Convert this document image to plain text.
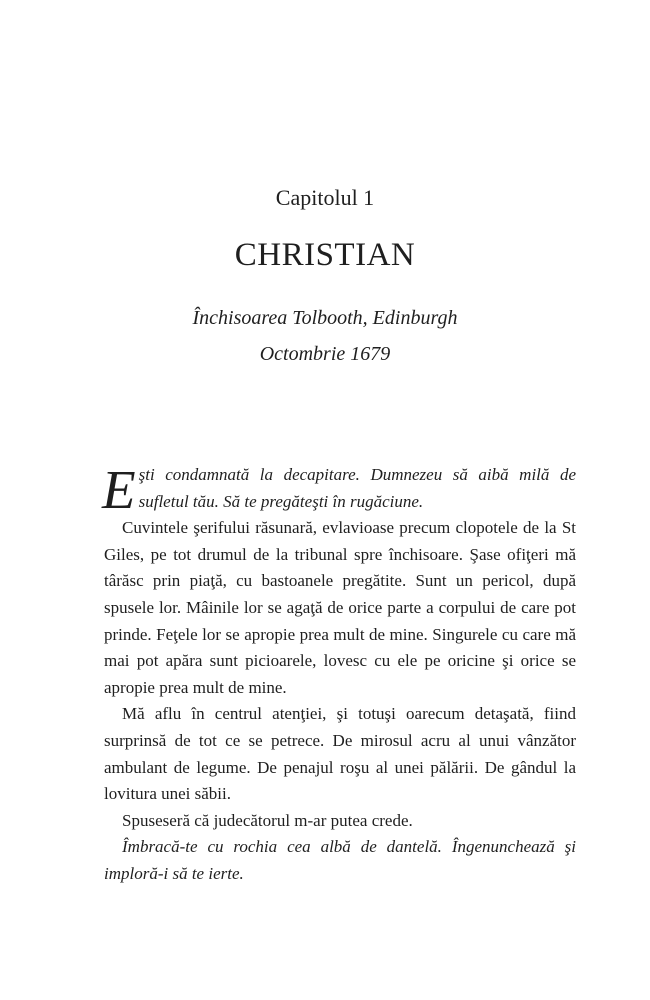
Capitolul 1
CHRISTIAN
Închisoarea Tolbooth, Edinburgh
Octombrie 1679

Eşti condamnată la decapitare. Dumnezeu să aibă milă de sufletul tău. Să te pregăteşti în rugăciune.

Cuvintele şerifului răsunară, evlavioase precum clopotele de la St Giles, pe tot drumul de la tribunal spre închisoare. Şase ofiţeri mă târăsc prin piaţă, cu bastoanele pregătite. Sunt un pericol, după spusele lor. Mâinile lor se agaţă de orice parte a corpului de care pot prinde. Feţele lor se apropie prea mult de mine. Singurele cu care mă mai pot apăra sunt picioarele, lovesc cu ele pe oricine şi orice se apropie prea mult de mine.

Mă aflu în centrul atenţiei, şi totuşi oarecum detaşată, fiind surprinsă de tot ce se petrece. De mirosul acru al unui vânzător ambulant de legume. De penajul roşu al unei pălării. De gândul la lovitura unei săbii.

Spuseseră că judecătorul m-ar putea crede.

Îmbracă-te cu rochia cea albă de dantelă. Îngenunchează şi imploră-i să te ierte.
